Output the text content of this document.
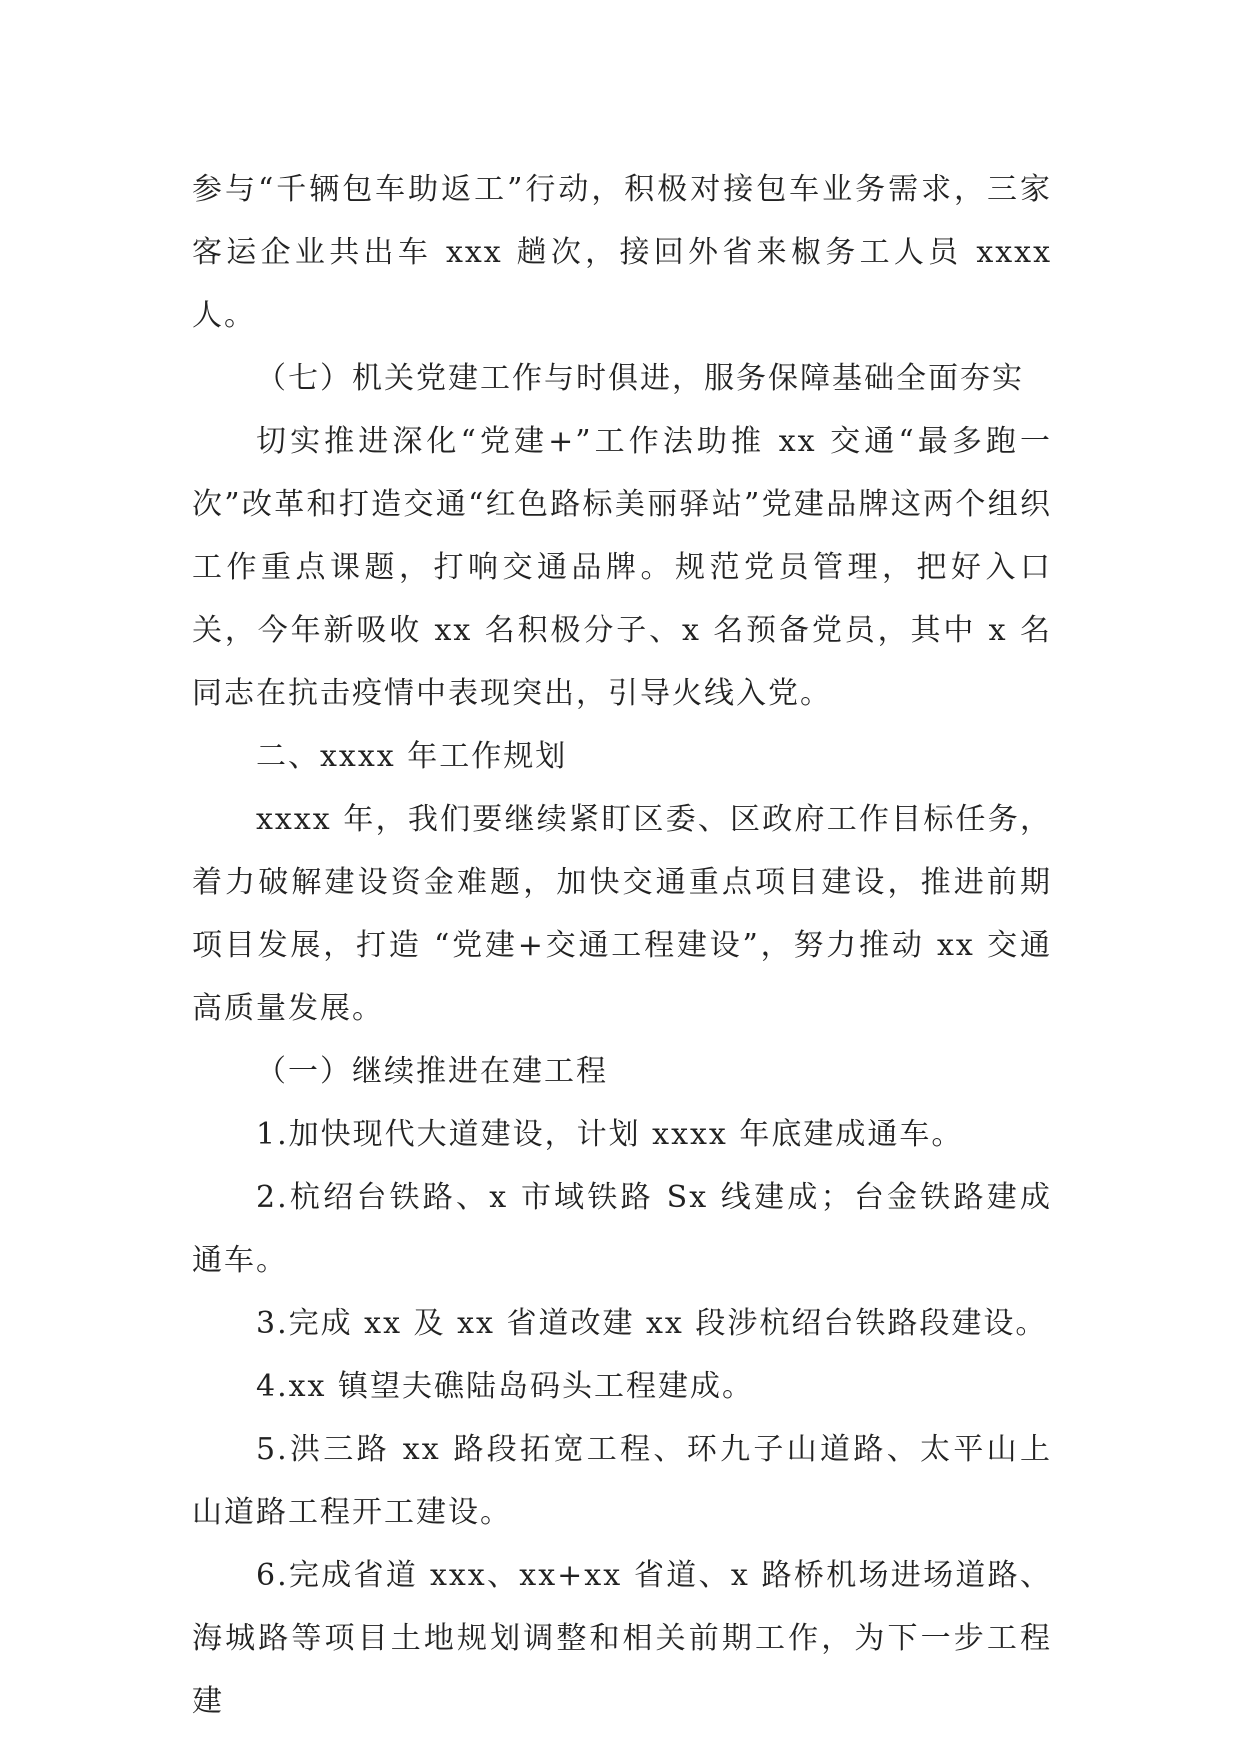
参与“千辆包车助返工”行动，积极对接包车业务需求，三家客运企业共出车 xxx 趟次，接回外省来椒务工人员 xxxx 人。

（七）机关党建工作与时俱进，服务保障基础全面夯实

切实推进深化“党建+”工作法助推 xx 交通“最多跑一次”改革和打造交通“红色路标美丽驿站”党建品牌这两个组织工作重点课题，打响交通品牌。规范党员管理，把好入口关，今年新吸收 xx 名积极分子、x 名预备党员，其中 x 名同志在抗击疫情中表现突出，引导火线入党。

二、xxxx 年工作规划

xxxx 年，我们要继续紧盯区委、区政府工作目标任务，着力破解建设资金难题，加快交通重点项目建设，推进前期项目发展，打造 “党建+交通工程建设”，努力推动 xx 交通高质量发展。

（一）继续推进在建工程

1.加快现代大道建设，计划 xxxx 年底建成通车。

2.杭绍台铁路、x 市域铁路 Sx 线建成；台金铁路建成通车。

3.完成 xx 及 xx 省道改建 xx 段涉杭绍台铁路段建设。

4.xx 镇望夫礁陆岛码头工程建成。

5.洪三路 xx 路段拓宽工程、环九子山道路、太平山上山道路工程开工建设。

6.完成省道 xxx、xx+xx 省道、x 路桥机场进场道路、海城路等项目土地规划调整和相关前期工作，为下一步工程建
